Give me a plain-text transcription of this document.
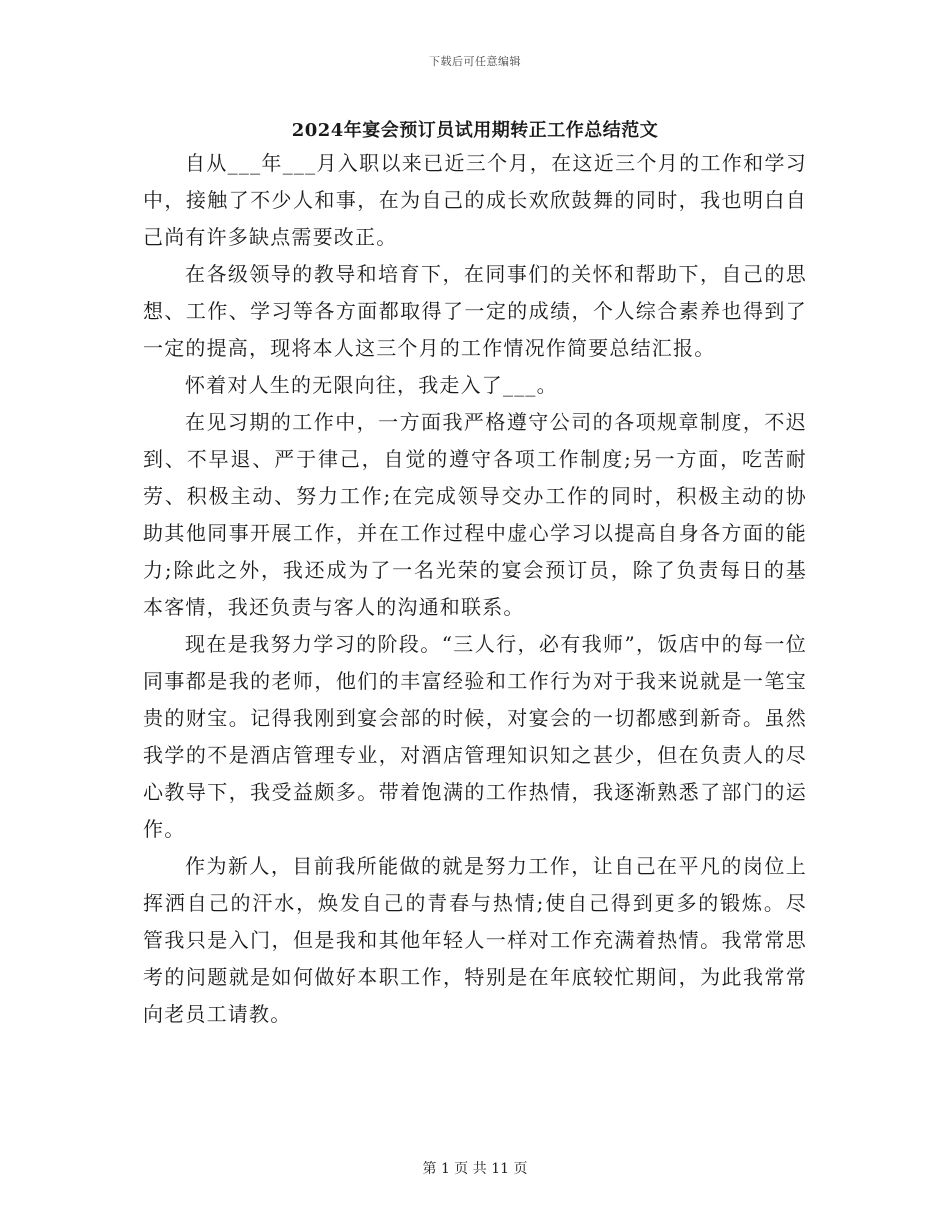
下载后可任意编辑
2024年宴会预订员试用期转正工作总结范文

自从___年___月入职以来已近三个月，在这近三个月的工作和学习中，接触了不少人和事，在为自己的成长欢欣鼓舞的同时，我也明白自己尚有许多缺点需要改正。

在各级领导的教导和培育下，在同事们的关怀和帮助下，自己的思想、工作、学习等各方面都取得了一定的成绩，个人综合素养也得到了一定的提高，现将本人这三个月的工作情况作简要总结汇报。

怀着对人生的无限向往，我走入了___。

在见习期的工作中，一方面我严格遵守公司的各项规章制度，不迟到、不早退、严于律己，自觉的遵守各项工作制度;另一方面，吃苦耐劳、积极主动、努力工作;在完成领导交办工作的同时，积极主动的协助其他同事开展工作，并在工作过程中虚心学习以提高自身各方面的能力;除此之外，我还成为了一名光荣的宴会预订员，除了负责每日的基本客情，我还负责与客人的沟通和联系。

现在是我努力学习的阶段。“三人行，必有我师”，饭店中的每一位同事都是我的老师，他们的丰富经验和工作行为对于我来说就是一笔宝贵的财宝。记得我刚到宴会部的时候，对宴会的一切都感到新奇。虽然我学的不是酒店管理专业，对酒店管理知识知之甚少，但在负责人的尽心教导下，我受益颇多。带着饱满的工作热情，我逐渐熟悉了部门的运作。

作为新人，目前我所能做的就是努力工作，让自己在平凡的岗位上挥洒自己的汗水，焕发自己的青春与热情;使自己得到更多的锻炼。尽管我只是入门，但是我和其他年轻人一样对工作充满着热情。我常常思考的问题就是如何做好本职工作，特别是在年底较忙期间，为此我常常向老员工请教。

第 1 页 共 11 页
